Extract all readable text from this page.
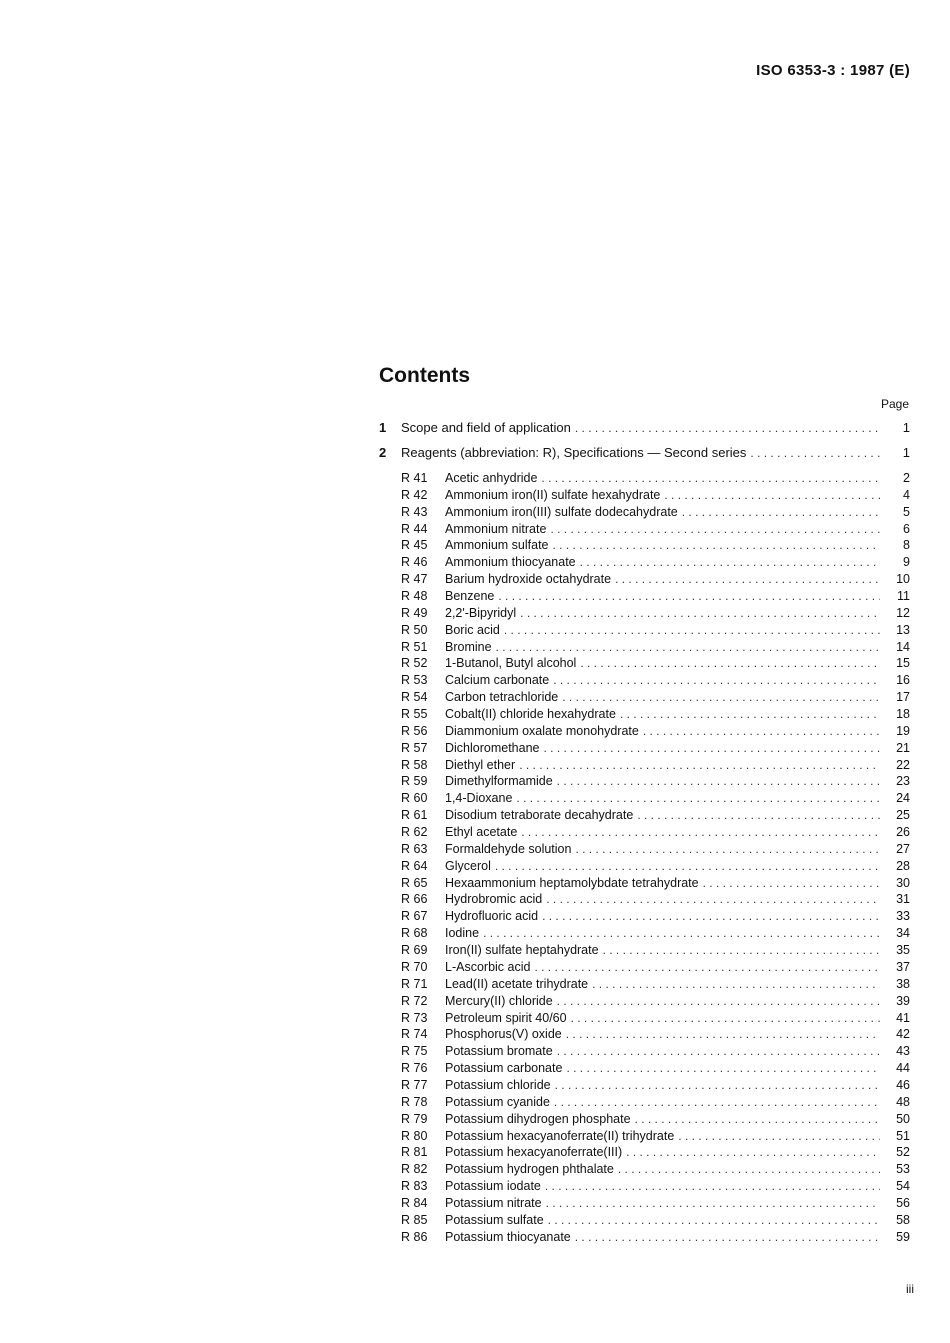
ISO 6353-3 : 1987 (E)
Contents
Page
1	Scope and field of application . . .	1
2	Reagents (abbreviation: R), Specifications — Second series . . .	1
R 41	Acetic anhydride . . .	2
R 42	Ammonium iron(II) sulfate hexahydrate . . .	4
R 43	Ammonium iron(III) sulfate dodecahydrate . . .	5
R 44	Ammonium nitrate . . .	6
R 45	Ammonium sulfate . . .	8
R 46	Ammonium thiocyanate . . .	9
R 47	Barium hydroxide octahydrate . . .	10
R 48	Benzene . . .	11
R 49	2,2'-Bipyridyl . . .	12
R 50	Boric acid . . .	13
R 51	Bromine . . .	14
R 52	1-Butanol, Butyl alcohol . . .	15
R 53	Calcium carbonate . . .	16
R 54	Carbon tetrachloride . . .	17
R 55	Cobalt(II) chloride hexahydrate . . .	18
R 56	Diammonium oxalate monohydrate . . .	19
R 57	Dichloromethane . . .	21
R 58	Diethyl ether . . .	22
R 59	Dimethylformamide . . .	23
R 60	1,4-Dioxane . . .	24
R 61	Disodium tetraborate decahydrate . . .	25
R 62	Ethyl acetate . . .	26
R 63	Formaldehyde solution . . .	27
R 64	Glycerol . . .	28
R 65	Hexaammonium heptamolybdate tetrahydrate . . .	30
R 66	Hydrobromic acid . . .	31
R 67	Hydrofluoric acid . . .	33
R 68	Iodine . . .	34
R 69	Iron(II) sulfate heptahydrate . . .	35
R 70	L-Ascorbic acid . . .	37
R 71	Lead(II) acetate trihydrate . . .	38
R 72	Mercury(II) chloride . . .	39
R 73	Petroleum spirit 40/60 . . .	41
R 74	Phosphorus(V) oxide . . .	42
R 75	Potassium bromate . . .	43
R 76	Potassium carbonate . . .	44
R 77	Potassium chloride . . .	46
R 78	Potassium cyanide . . .	48
R 79	Potassium dihydrogen phosphate . . .	50
R 80	Potassium hexacyanoferrate(II) trihydrate . . .	51
R 81	Potassium hexacyanoferrate(III) . . .	52
R 82	Potassium hydrogen phthalate . . .	53
R 83	Potassium iodate . . .	54
R 84	Potassium nitrate . . .	56
R 85	Potassium sulfate . . .	58
R 86	Potassium thiocyanate . . .	59
iii
